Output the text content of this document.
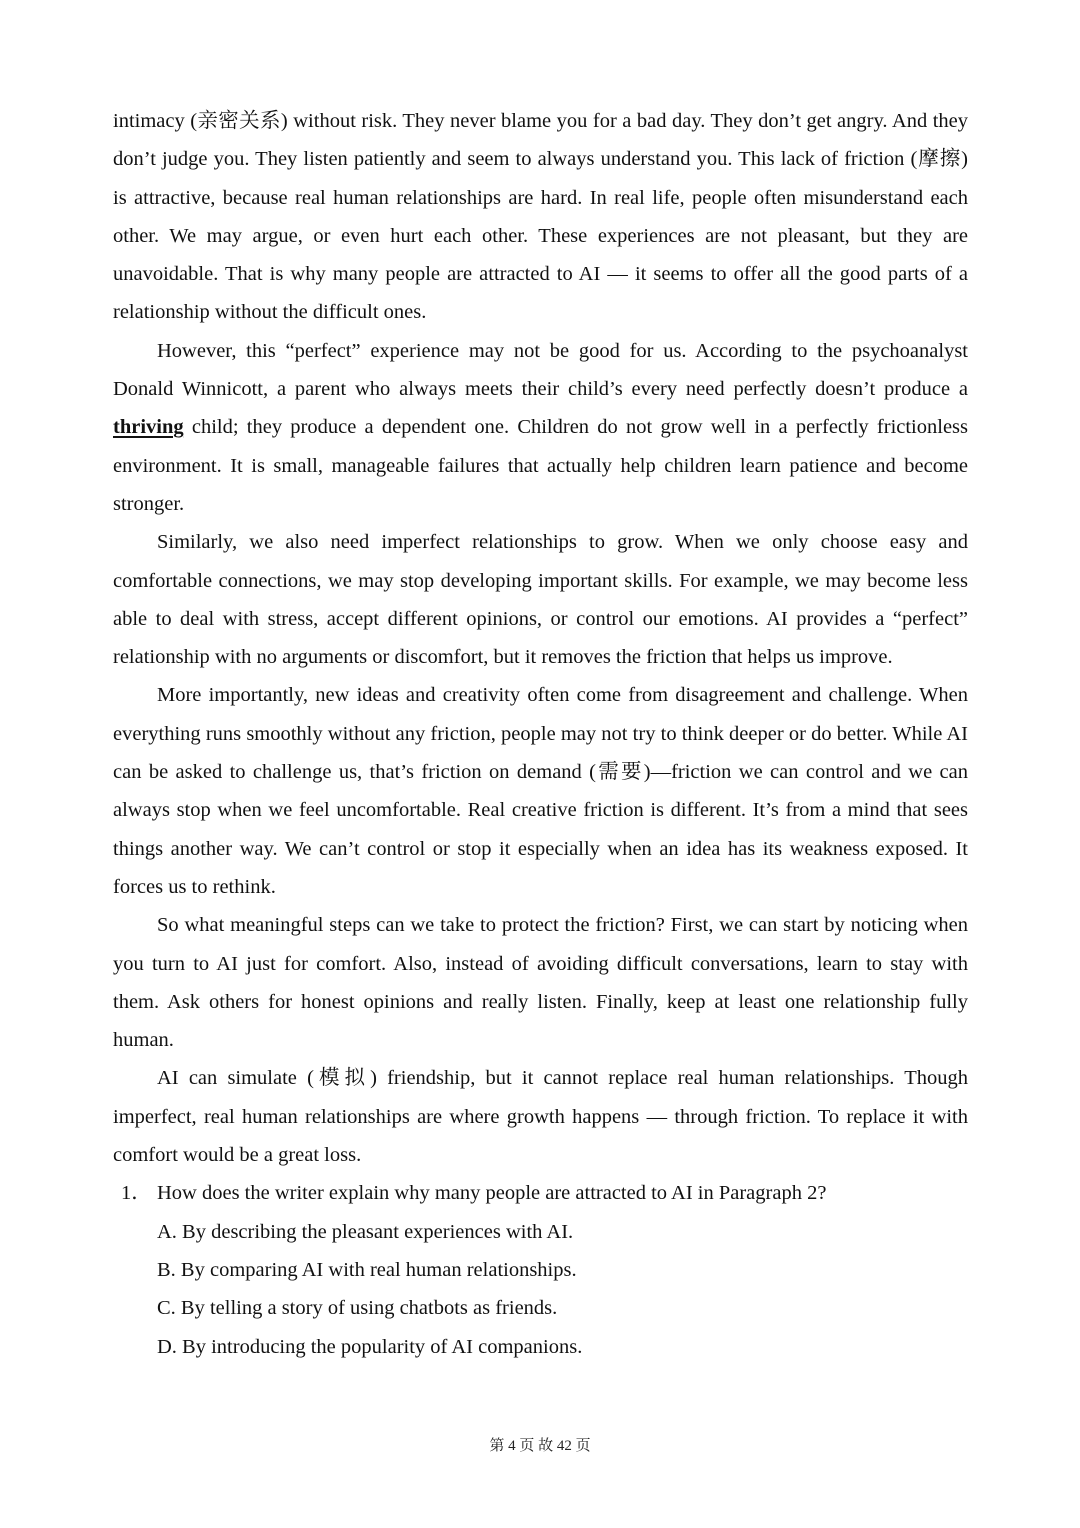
intimacy (亲密关系) without risk. They never blame you for a bad day. They don’t get angry. And they don’t judge you. They listen patiently and seem to always understand you. This lack of friction (摩擦) is attractive, because real human relationships are hard. In real life, people often misunderstand each other. We may argue, or even hurt each other. These experiences are not pleasant, but they are unavoidable. That is why many people are attracted to AI — it seems to offer all the good parts of a relationship without the difficult ones.

However, this “perfect” experience may not be good for us. According to the psychoanalyst Donald Winnicott, a parent who always meets their child’s every need perfectly doesn’t produce a thriving child; they produce a dependent one. Children do not grow well in a perfectly frictionless environment. It is small, manageable failures that actually help children learn patience and become stronger.

Similarly, we also need imperfect relationships to grow. When we only choose easy and comfortable connections, we may stop developing important skills. For example, we may become less able to deal with stress, accept different opinions, or control our emotions. AI provides a “perfect” relationship with no arguments or discomfort, but it removes the friction that helps us improve.

More importantly, new ideas and creativity often come from disagreement and challenge. When everything runs smoothly without any friction, people may not try to think deeper or do better. While AI can be asked to challenge us, that’s friction on demand (需要)—friction we can control and we can always stop when we feel uncomfortable. Real creative friction is different. It’s from a mind that sees things another way. We can’t control or stop it especially when an idea has its weakness exposed. It forces us to rethink.

So what meaningful steps can we take to protect the friction? First, we can start by noticing when you turn to AI just for comfort. Also, instead of avoiding difficult conversations, learn to stay with them. Ask others for honest opinions and really listen. Finally, keep at least one relationship fully human.

AI can simulate (模拟) friendship, but it cannot replace real human relationships. Though imperfect, real human relationships are where growth happens — through friction. To replace it with comfort would be a great loss.

1． How does the writer explain why many people are attracted to AI in Paragraph 2?

A. By describing the pleasant experiences with AI.

B. By comparing AI with real human relationships.

C. By telling a story of using chatbots as friends.

D. By introducing the popularity of AI companions.

第 4 页 故 42 页
